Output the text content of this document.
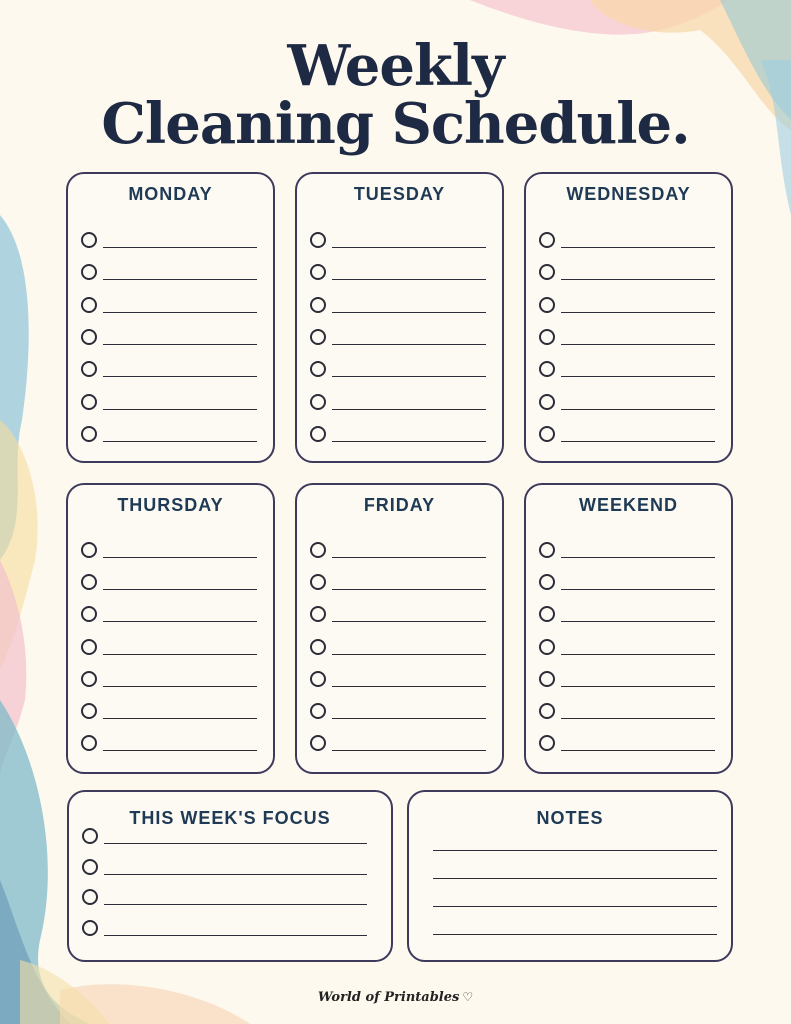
Weekly
Cleaning Schedule.
MONDAY	TUESDAY	WEDNESDAY
THURSDAY	FRIDAY	WEEKEND
THIS WEEK'S FOCUS	NOTES
World of Printables ♡
